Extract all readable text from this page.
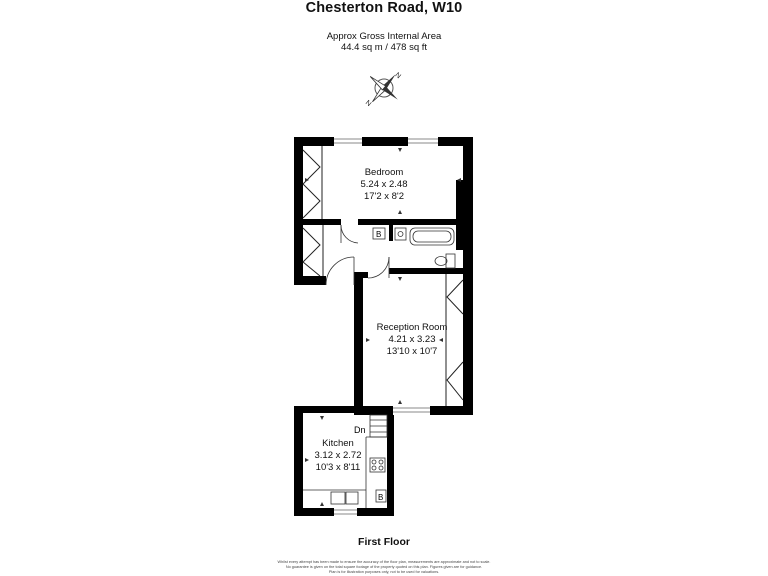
Chesterton Road, W10
Approx Gross Internal Area
44.4 sq m / 478 sq ft
N
N
B
B
Dn
Bedroom
5.24 x 2.48
17'2 x 8'2
Reception Room
4.21 x 3.23
13'10 x 10'7
Kitchen
3.12 x 2.72
10'3 x 8'11
First Floor
Whilst every attempt has been made to ensure the accuracy of the floor plan, measurements are approximate and not to scale.
No guarantee is given on the total square footage of the property quoted on this plan. Figures given are for guidance.
Plan is for illustration purposes only, not to be used for valuations.
